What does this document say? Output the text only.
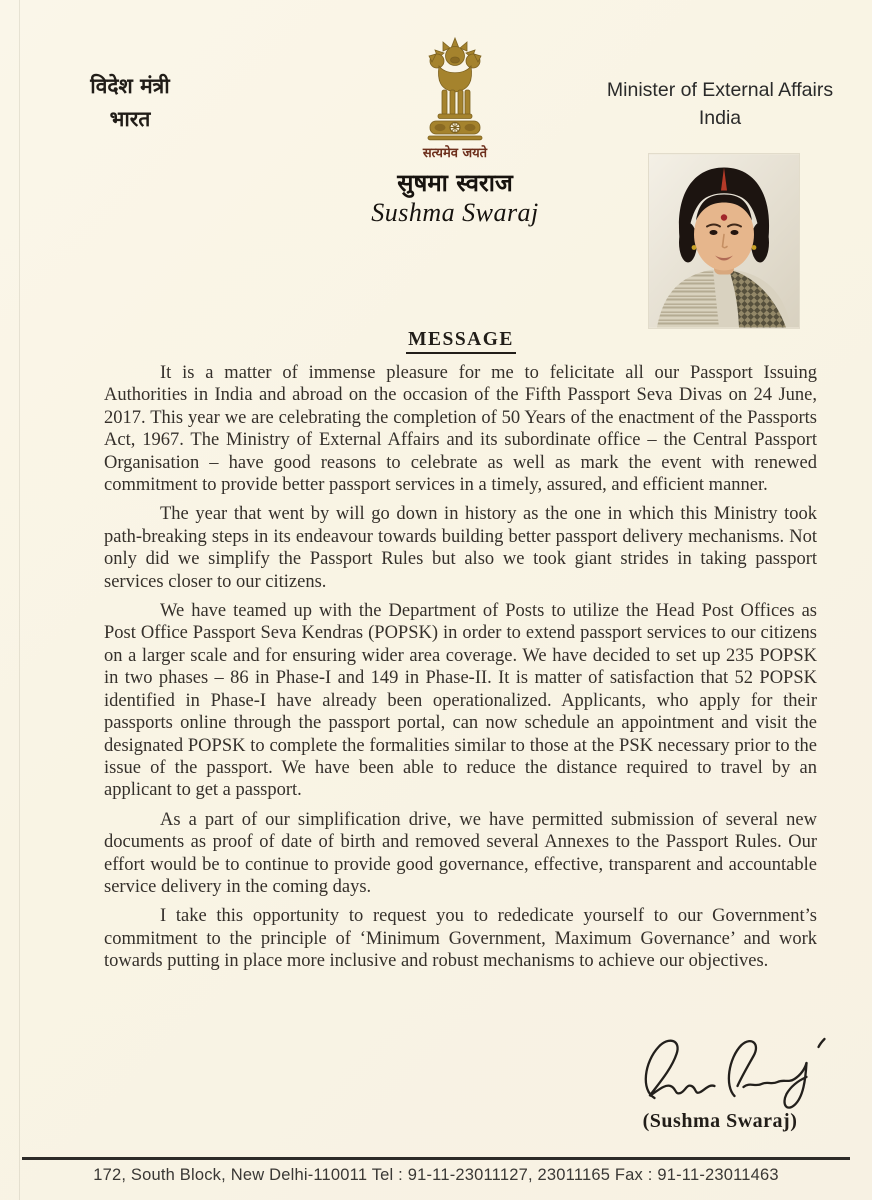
विदेश मंत्री
भारत
सत्यमेव जयते
सुषमा स्वराज
Sushma Swaraj
Minister of External Affairs
India
MESSAGE

It is a matter of immense pleasure for me to felicitate all our Passport Issuing Authorities in India and abroad on the occasion of the Fifth Passport Seva Divas on 24 June, 2017. This year we are celebrating the completion of 50 Years of the enactment of the Passports Act, 1967. The Ministry of External Affairs and its subordinate office – the Central Passport Organisation – have good reasons to celebrate as well as mark the event with renewed commitment to provide better passport services in a timely, assured, and efficient manner.

The year that went by will go down in history as the one in which this Ministry took path-breaking steps in its endeavour towards building better passport delivery mechanisms. Not only did we simplify the Passport Rules but also we took giant strides in taking passport services closer to our citizens.

We have teamed up with the Department of Posts to utilize the Head Post Offices as Post Office Passport Seva Kendras (POPSK) in order to extend passport services to our citizens on a larger scale and for ensuring wider area coverage. We have decided to set up 235 POPSK in two phases – 86 in Phase-I and 149 in Phase-II. It is matter of satisfaction that 52 POPSK identified in Phase-I have already been operationalized. Applicants, who apply for their passports online through the passport portal, can now schedule an appointment and visit the designated POPSK to complete the formalities similar to those at the PSK necessary prior to the issue of the passport. We have been able to reduce the distance required to travel by an applicant to get a passport.

As a part of our simplification drive, we have permitted submission of several new documents as proof of date of birth and removed several Annexes to the Passport Rules. Our effort would be to continue to provide good governance, effective, transparent and accountable service delivery in the coming days.

I take this opportunity to request you to rededicate yourself to our Government’s commitment to the principle of ‘Minimum Government, Maximum Governance’ and work towards putting in place more inclusive and robust mechanisms to achieve our objectives.

(Sushma Swaraj)
172, South Block, New Delhi-110011 Tel : 91-11-23011127, 23011165 Fax : 91-11-23011463
